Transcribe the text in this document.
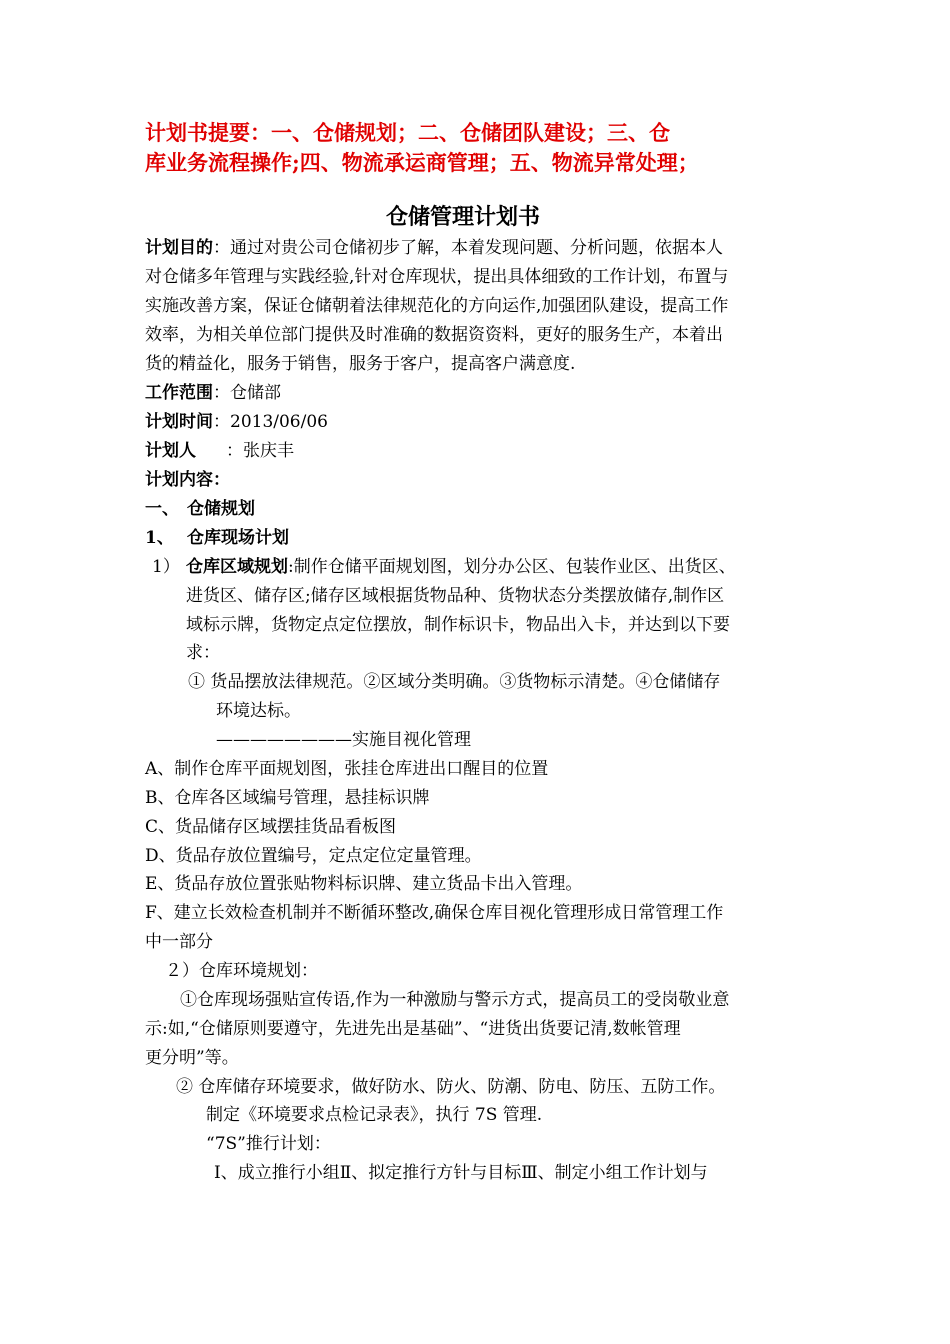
计划书提要：一、仓储规划；二、仓储团队建设；三、仓
库业务流程操作;四、物流承运商管理；五、物流异常处理；
仓储管理计划书
计划目的：通过对贵公司仓储初步了解，本着发现问题、分析问题，依据本人
对仓储多年管理与实践经验,针对仓库现状，提出具体细致的工作计划，布置与
实施改善方案，保证仓储朝着法律规范化的方向运作,加强团队建设，提高工作
效率，为相关单位部门提供及时准确的数据资资料，更好的服务生产，本着出
货的精益化，服务于销售，服务于客户，提高客户满意度.
工作范围：仓储部
计划时间：2013/06/06
计划人 ：张庆丰
计划内容：
一、 仓储规划
1、 仓库现场计划
1） 仓库区域规划:制作仓储平面规划图，划分办公区、包装作业区、出货区、
进货区、储存区;储存区域根据货物品种、货物状态分类摆放储存,制作区
域标示牌，货物定点定位摆放，制作标识卡，物品出入卡，并达到以下要
求：
① 货品摆放法律规范。②区域分类明确。③货物标示清楚。④仓储储存
环境达标。
————————实施目视化管理
A、制作仓库平面规划图，张挂仓库进出口醒目的位置
B、仓库各区域编号管理，悬挂标识牌
C、货品储存区域摆挂货品看板图
D、货品存放位置编号，定点定位定量管理。
E、货品存放位置张贴物料标识牌、建立货品卡出入管理。
F、建立长效检查机制并不断循环整改,确保仓库目视化管理形成日常管理工作
中一部分
２）仓库环境规划：
①仓库现场强贴宣传语,作为一种激励与警示方式，提高员工的受岗敬业意
示:如,“仓储原则要遵守，先进先出是基础”、“进货出货要记清,数帐管理
更分明”等。
② 仓库储存环境要求，做好防水、防火、防潮、防电、防压、五防工作。
制定《环境要求点检记录表》，执行 7S 管理.
“7S”推行计划：
Ⅰ、成立推行小组Ⅱ、拟定推行方针与目标Ⅲ、制定小组工作计划与
